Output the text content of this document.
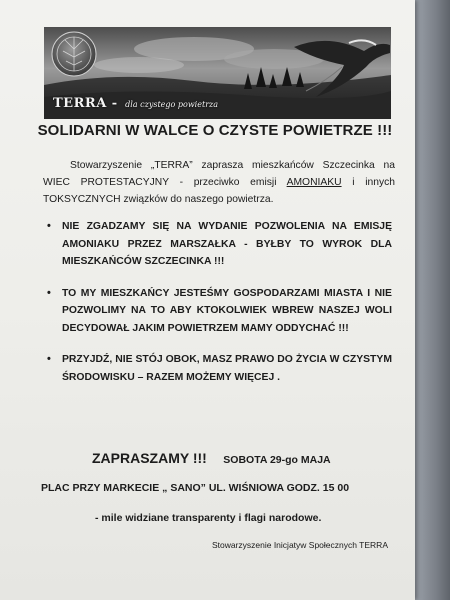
TERRA - dla czystego powietrza
SOLIDARNI W WALCE O CZYSTE POWIETRZE !!!

Stowarzyszenie „TERRA” zaprasza mieszkańców Szczecinka na WIEC PROTESTACYJNY - przeciwko emisji AMONIAKU i innych TOKSYCZNYCH związków do naszego powietrza.

• NIE ZGADZAMY SIĘ NA WYDANIE POZWOLENIA NA EMISJĘ AMONIAKU PRZEZ MARSZAŁKA - BYŁBY TO WYROK DLA MIESZKAŃCÓW SZCZECINKA !!!
• TO MY MIESZKAŃCY JESTEŚMY GOSPODARZAMI MIASTA I NIE POZWOLIMY NA TO ABY KTOKOLWIEK WBREW NASZEJ WOLI DECYDOWAŁ JAKIM POWIETRZEM MAMY ODDYCHAĆ !!!
• PRZYJDŹ, NIE STÓJ OBOK, MASZ PRAWO DO ŻYCIA W CZYSTYM ŚRODOWISKU – RAZEM MOŻEMY WIĘCEJ .
ZAPRASZAMY !!! SOBOTA 29-go MAJA
PLAC PRZY MARKECIE „ SANO” UL. WIŚNIOWA GODZ. 15 00
- mile widziane transparenty i flagi narodowe.
Stowarzyszenie Inicjatyw Społecznych TERRA
